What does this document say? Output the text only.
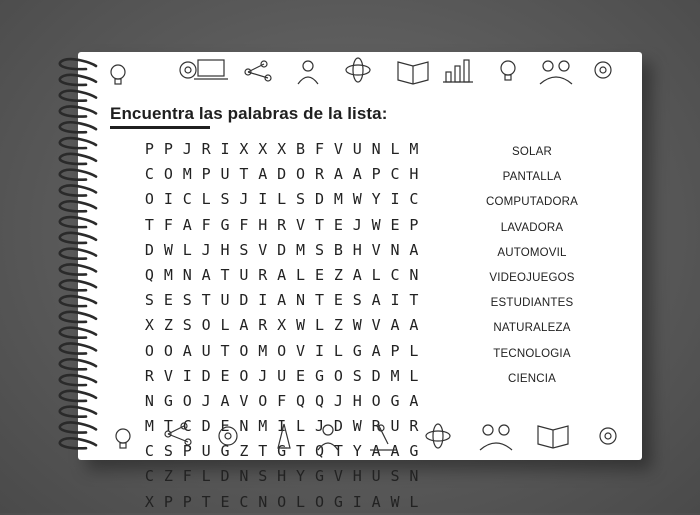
Encuentra las palabras de la lista:
P P J R I X X X B F V U N L M
C O M P U T A D O R A A P C H
O I C L S J I L S D M W Y I C
T F A F G F H R V T E J W E P
D W L J H S V D M S B H V N A
Q M N A T U R A L E Z A L C N
S E S T U D I A N T E S A I T
X Z S O L A R X W L Z W V A A
O O A U T O M O V I L G A P L
R V I D E O J U E G O S D M L
N G O J A V O F Q Q J H O G A
M T C D E N M I L J D W R U R
C S P U G Z T G T Q T Y A A G
C Z F L D N S H Y G V H U S N
X P P T E C N O L O G I A W L
SOLAR
PANTALLA
COMPUTADORA
LAVADORA
AUTOMOVIL
VIDEOJUEGOS
ESTUDIANTES
NATURALEZA
TECNOLOGIA
CIENCIA
